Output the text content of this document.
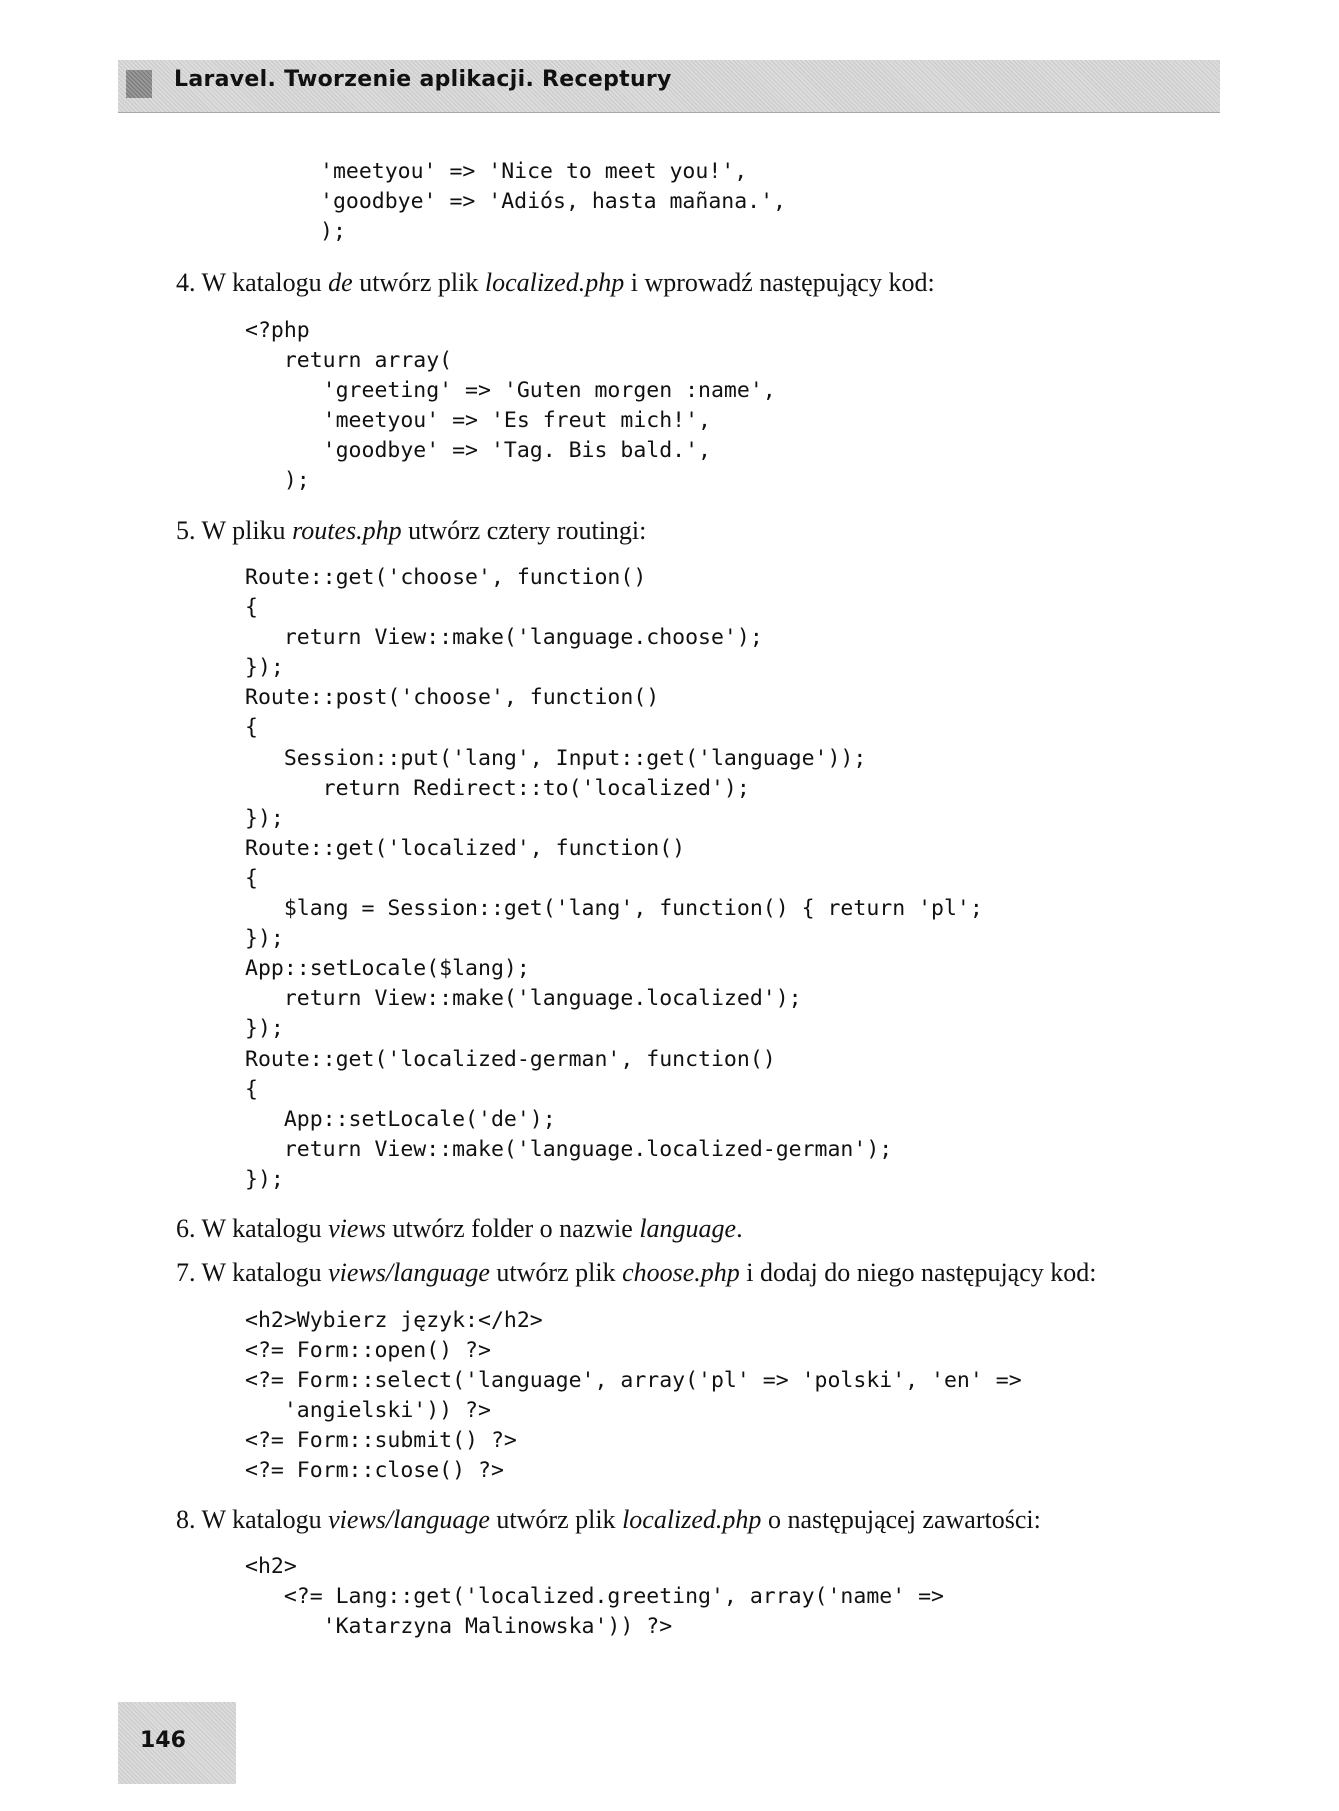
Laravel. Tworzenie aplikacji. Receptury
'meetyou' => 'Nice to meet you!',
'goodbye' => 'Adiós, hasta mañana.',
);

4. W katalogu de utwórz plik localized.php i wprowadź następujący kod:

<?php
return array(
'greeting' => 'Guten morgen :name',
'meetyou' => 'Es freut mich!',
'goodbye' => 'Tag. Bis bald.',
);

5. W pliku routes.php utwórz cztery routingi:

Route::get('choose', function()
{
return View::make('language.choose');
});
Route::post('choose', function()
{
Session::put('lang', Input::get('language'));
return Redirect::to('localized');
});
Route::get('localized', function()
{
$lang = Session::get('lang', function() { return 'pl';
});
App::setLocale($lang);
return View::make('language.localized');
});
Route::get('localized-german', function()
{
App::setLocale('de');
return View::make('language.localized-german');
});

6. W katalogu views utwórz folder o nazwie language.

7. W katalogu views/language utwórz plik choose.php i dodaj do niego następujący kod:

<h2>Wybierz język:</h2>
<?= Form::open() ?>
<?= Form::select('language', array('pl' => 'polski', 'en' =>
'angielski')) ?>
<?= Form::submit() ?>
<?= Form::close() ?>

8. W katalogu views/language utwórz plik localized.php o następującej zawartości:

<h2>
<?= Lang::get('localized.greeting', array('name' =>
'Katarzyna Malinowska')) ?>
146
